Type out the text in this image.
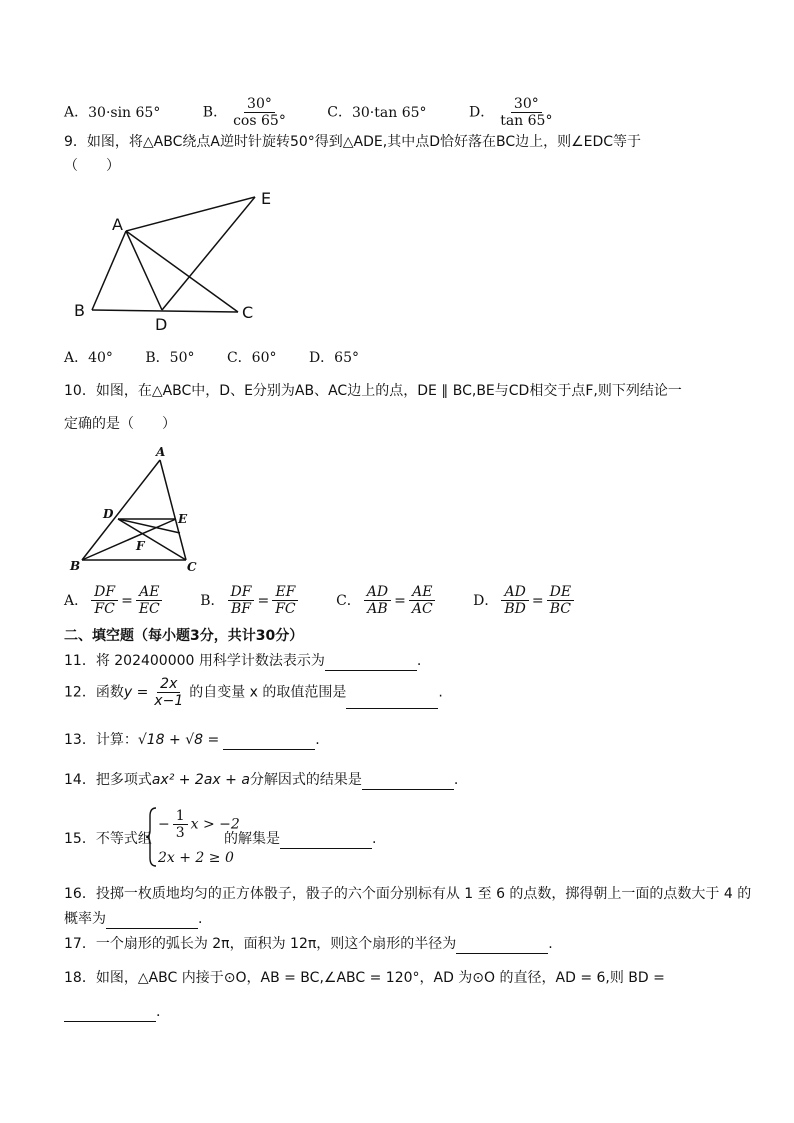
A．30·sin 65°	B． $\frac{30^\circ}{\cos 65^\circ}$	C．30·tan 65°	D． $\frac{30^\circ}{\tan 65^\circ}$
9．如图，将△ABC绕点A逆时针旋转50°得到△ADE,其中点D恰好落在BC边上，则∠EDC等于
（　　）
A
B	C
D
E
A．40° B．50° C．60° D．65°
10．如图，在△ABC中，D、E分别为AB、AC边上的点，DE ∥ BC,BE与CD相交于点F,则下列结论一
定确的是（　　）
A
B	C
D	E
F
A． $\frac{DF}{FC} = \frac{AE}{EC}$	B． $\frac{DF}{BF} = \frac{EF}{FC}$	C． $\frac{AD}{AB} = \frac{AE}{AC}$	D． $\frac{AD}{BD} = \frac{DE}{BC}$
二、填空题（每小题3分，共计30分）
11．将 202400000 用科学计数法表示为	.
12．函数$y = \frac{2x}{x-1}$ 的自变量 x 的取值范围是	.
13．计算：√18 + √8 =	.
14．把多项式ax² + 2ax + a分解因式的结果是	.
15．不等式组
− $\frac{1}{3}$ x > −2
2x + 2 ≥ 0
的解集是	.
16．投掷一枚质地均匀的正方体骰子，骰子的六个面分别标有从 1 至 6 的点数，掷得朝上一面的点数大于 4 的
概率为	.
17．一个扇形的弧长为 2π，面积为 12π，则这个扇形的半径为	.
18．如图，△ABC 内接于⊙O，AB = BC,∠ABC = 120°，AD 为⊙O 的直径，AD = 6,则 BD =
.
